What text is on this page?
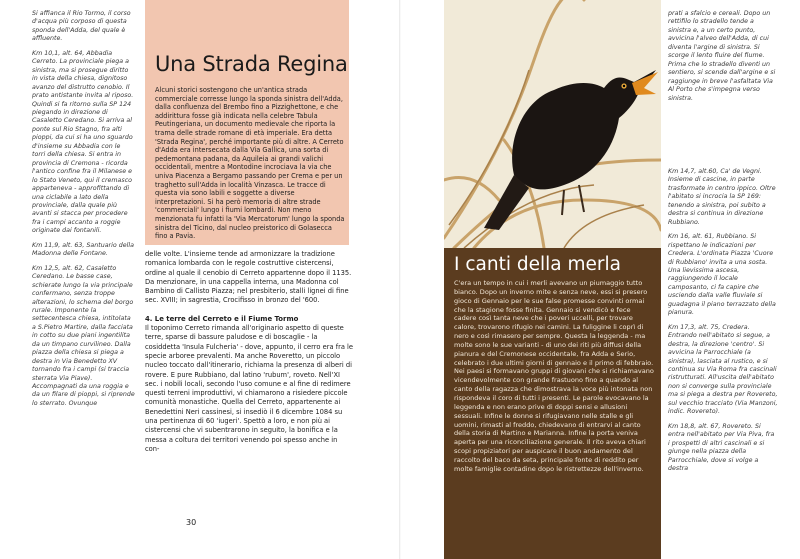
Si affianca il Rio Tormo, il corso d'acqua più corposo di questa sponda dell'Adda, del quale è affluente.

Km 10,1, alt. 64, Abbadia Cerreto. La provinciale piega a sinistra, ma si prosegue diritto in vista della chiesa, dignitoso avanzo del distrutto cenobio. Il prato antistante invita al riposo. Quindi si fa ritorno sulla SP 124 piegando in direzione di Casaletto Ceredano. Si arriva al ponte sul Rio Stagno, fra alti pioppi, da cui si ha uno sguardo d'insieme su Abbadia con le torri della chiesa. Si entra in provincia di Cremona - ricorda l'antico confine fra il Milanese e lo Stato Veneto, qui il cremasco appartenevа - approfittando di una ciclabile a lato della provinciale, dalla quale più avanti si stacca per procedere fra i campi accanto a roggie originate dai fontanili.

Km 11,9, alt. 63, Santuario della Madonna delle Fontane.

Km 12,5, alt. 62, Casaletto Ceredano. Le basse case, schierate lungo la via principale confermano, senza troppe alterazioni, lo schema del borgo rurale. Imponente la settecentesca chiesa, intitolata a S.Pietro Martire, dalla facciata in cotto su due piani ingentilita da un timpano curvilineo. Dalla piazza della chiesa si piega a destra in Via Benedetto XV tornando fra i campi (si traccia sterrata Via Piave). Accompagnati da una roggia e da un filare di pioppi, si riprende lo sterrato. Ovunque

Una Strada Regina

Alcuni storici sostengono che un'antica strada commerciale corresse lungo la sponda sinistra dell'Adda, dalla confluenza del Brembo fino a Pizzighettone, e che addirittura fosse già indicata nella celebre Tabula Peutingeriana, un documento medievale che riporta la trama delle strade romane di età imperiale. Era detta 'Strada Regina', perché importante più di altre. A Cerreto d'Adda era intersecata dalla Via Gallica, una sorta di pedemontana padana, da Aquileia ai grandi valichi occidentali, mentre a Montodine incrociava la via che univa Piacenza a Bergamo passando per Crema e per un traghetto sull'Adda in località Vinzasca. Le tracce di questa via sono labili e soggette a diverse interpretazioni. Si ha però memoria di altre strade 'commerciali' lungo i fiumi lombardi. Non meno menzionata fu infatti la 'Via Mercatorum' lungo la sponda sinistra del Ticino, dal nucleo preistorico di Golasecca fino a Pavia.

delle volte. L'insieme tende ad armonizzare la tradizione romanica lombarda con le regole costruttive cistercensi, ordine al quale il cenobio di Cerreto appartenne dopo il 1135. Da menzionare, in una cappella interna, una Madonna col Bambino di Callisto Piazza; nel presbiterio, stalli lignei di fine sec. XVIII; in sagrestia, Crocifisso in bronzo del '600.

4. Le terre del Cerreto e il Fiume Tormo

Il toponimo Cerreto rimanda all'originario aspetto di queste terre, sparse di bassure paludose e di boscaglie - la cosiddetta 'Insula Fulcheria' - dove, appunto, il cerro era fra le specie arboree prevalenti. Ma anche Roveretto, un piccolo nucleo toccato dall'itinerario, richiama la presenza di alberi di rovere. E pure Rubbiano, dal latino 'rubum', roveto. Nell'XI sec. i nobili locali, secondo l'uso comune e al fine di redimere questi terreni improduttivi, vi chiamarono a risiedere piccole comunità monastiche. Quella del Cerreto, appartenente ai Benedettini Neri cassinesi, si insediò il 6 dicembre 1084 su una pertinenza di 60 'iugeri'. Spettò a loro, e non più ai cistercensi che vi subentrarono in seguito, la bonifica e la messa a coltura dei territori venendo poi spesso anche in con-

30
I canti della merla

C'era un tempo in cui i merli avevano un piumaggio tutto bianco. Dopo un inverno mite e senza neve, essi si presero gioco di Gennaio per le sue false promesse convinti ormai che la stagione fosse finita. Gennaio si vendicò e fece cadere così tanta neve che i poveri uccelli, per trovare calore, trovarono rifugio nei camini. La fuliggine li coprì di nero e così rimasero per sempre. Questa la leggenda - ma molte sono le sue varianti - di uno dei riti più diffusi della pianura e del Cremonese occidentale, fra Adda e Serio, celebrato i due ultimi giorni di gennaio e il primo di febbraio. Nei paesi si formavano gruppi di giovani che si richiamavano vicendevolmente con grande frastuono fino a quando al canto della ragazza che dimostrava la voce più intonata non rispondeva il coro di tutti i presenti. Le parole evocavano la leggenda e non erano prive di doppi sensi e allusioni sessuali. Infine le donne si rifugiavano nelle stalle e gli uomini, rimasti al freddo, chiedevano di entrarvi al canto della storia di Martino e Marianna. Infine la porta veniva aperta per una riconciliazione generale. Il rito aveva chiari scopi propiziatori per auspicare il buon andamento del raccolto del baco da seta, principale fonte di reddito per molte famiglie contadine dopo le ristrettezze dell'inverno.

prati a sfalcio e cereali. Dopo un rettifilo lo stradello tende a sinistra e, a un certo punto, avvicina l'alveo dell'Adda, di cui diventa l'argine di sinistra. Si scorge il lento fluire del fiume. Prima che lo stradello diventi un sentiero, si scende dall'argine e si raggiunge in breve l'asfaltata Via Al Porto che s'impegna verso sinistra.

Km 14,7, alt.60, Ca' de Vegni. Insieme di cascine, in parte trasformate in centro ippico. Oltre l'abitato si incrocia la SP 169: tenendo a sinistra, poi subito a destra si continua in direzione Rubbiano.

Km 16, alt. 61, Rubbiano. Si rispettano le indicazioni per Credera. L'ordinata Piazza 'Cuore di Rubbiano' invita a una sosta. Una lievissima ascesa, raggiungendo il locale camposanto, ci fa capire che usciendo dalla valle fluviale si guadagna il piano terrazzato della pianura.

Km 17,3, alt. 75, Credera. Entrando nell'abitato si segue, a destra, la direzione 'centro'. Si avvicina la Parrocchiale (a sinistra), lasciata al rustico, e si continua su Via Roma fra cascinali ristrutturati. All'uscita dell'abitato non si converge sulla provinciale ma si piega a destra per Rovereto, sul vecchio tracciato (Via Manzoni, indic. Rovereto).

Km 18,8, alt. 67, Rovereto. Si entra nell'abitato per Via Piva, fra i prospetti di altri cascinali e si giunge nella piazza della Parrocchiale, dove si volge a destra
